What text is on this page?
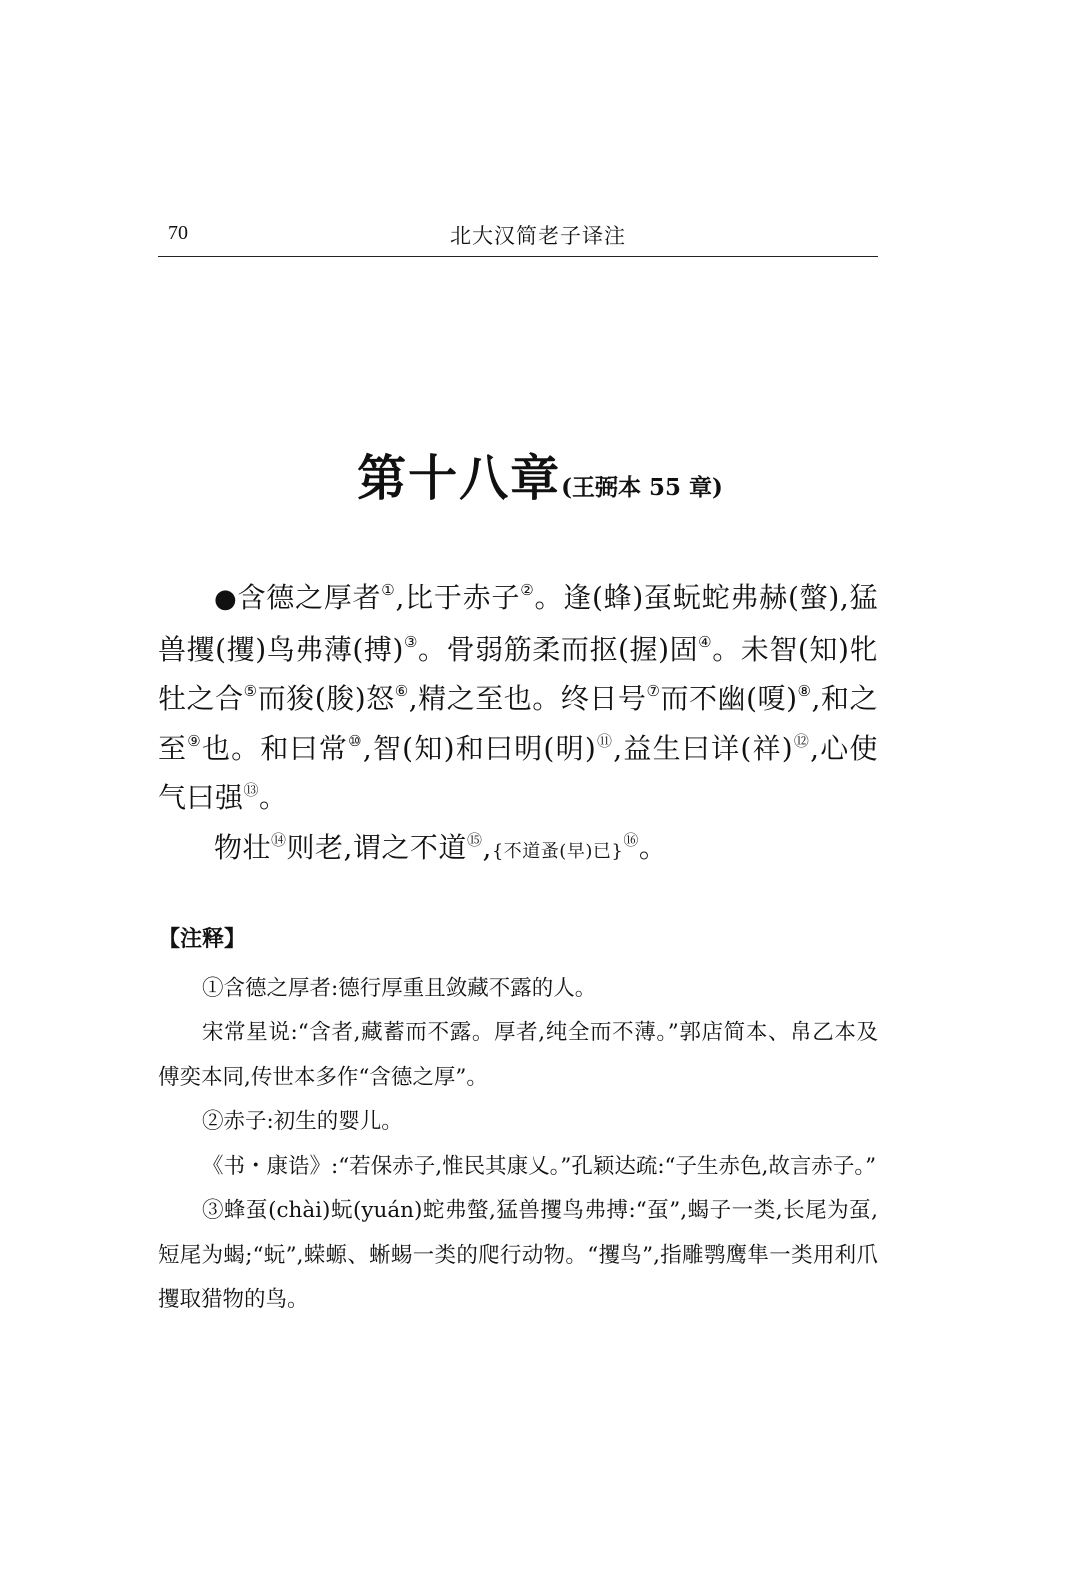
70	北大汉简老子译注
第十八章(王弼本 55 章)

●含德之厚者①,比于赤子②。逢(蜂)虿蚖蛇弗赫(螫),猛兽攫(攫)鸟弗薄(搏)③。骨弱筋柔而抠(握)固④。未智(知)牝牡之合⑤而狻(朘)怒⑥,精之至也。终日号⑦而不幽(嗄)⑧,和之至⑨也。和曰常⑩,智(知)和曰明(明)⑪,益生曰详(祥)⑫,心使气曰强⑬。

物壮⑭则老,谓之不道⑮,{不道蚤(早)已}⑯。

【注释】

①含德之厚者:德行厚重且敛藏不露的人。

宋常星说:“含者,藏蓄而不露。厚者,纯全而不薄。”郭店简本、帛乙本及傅奕本同,传世本多作“含德之厚”。

②赤子:初生的婴儿。

《书・康诰》:“若保赤子,惟民其康乂。”孔颖达疏:“子生赤色,故言赤子。”

③蜂虿(chài)蚖(yuán)蛇弗螫,猛兽攫鸟弗搏:“虿”,蝎子一类,长尾为虿,短尾为蝎;“蚖”,蝾螈、蜥蜴一类的爬行动物。“攫鸟”,指雕鹗鹰隼一类用利爪攫取猎物的鸟。
